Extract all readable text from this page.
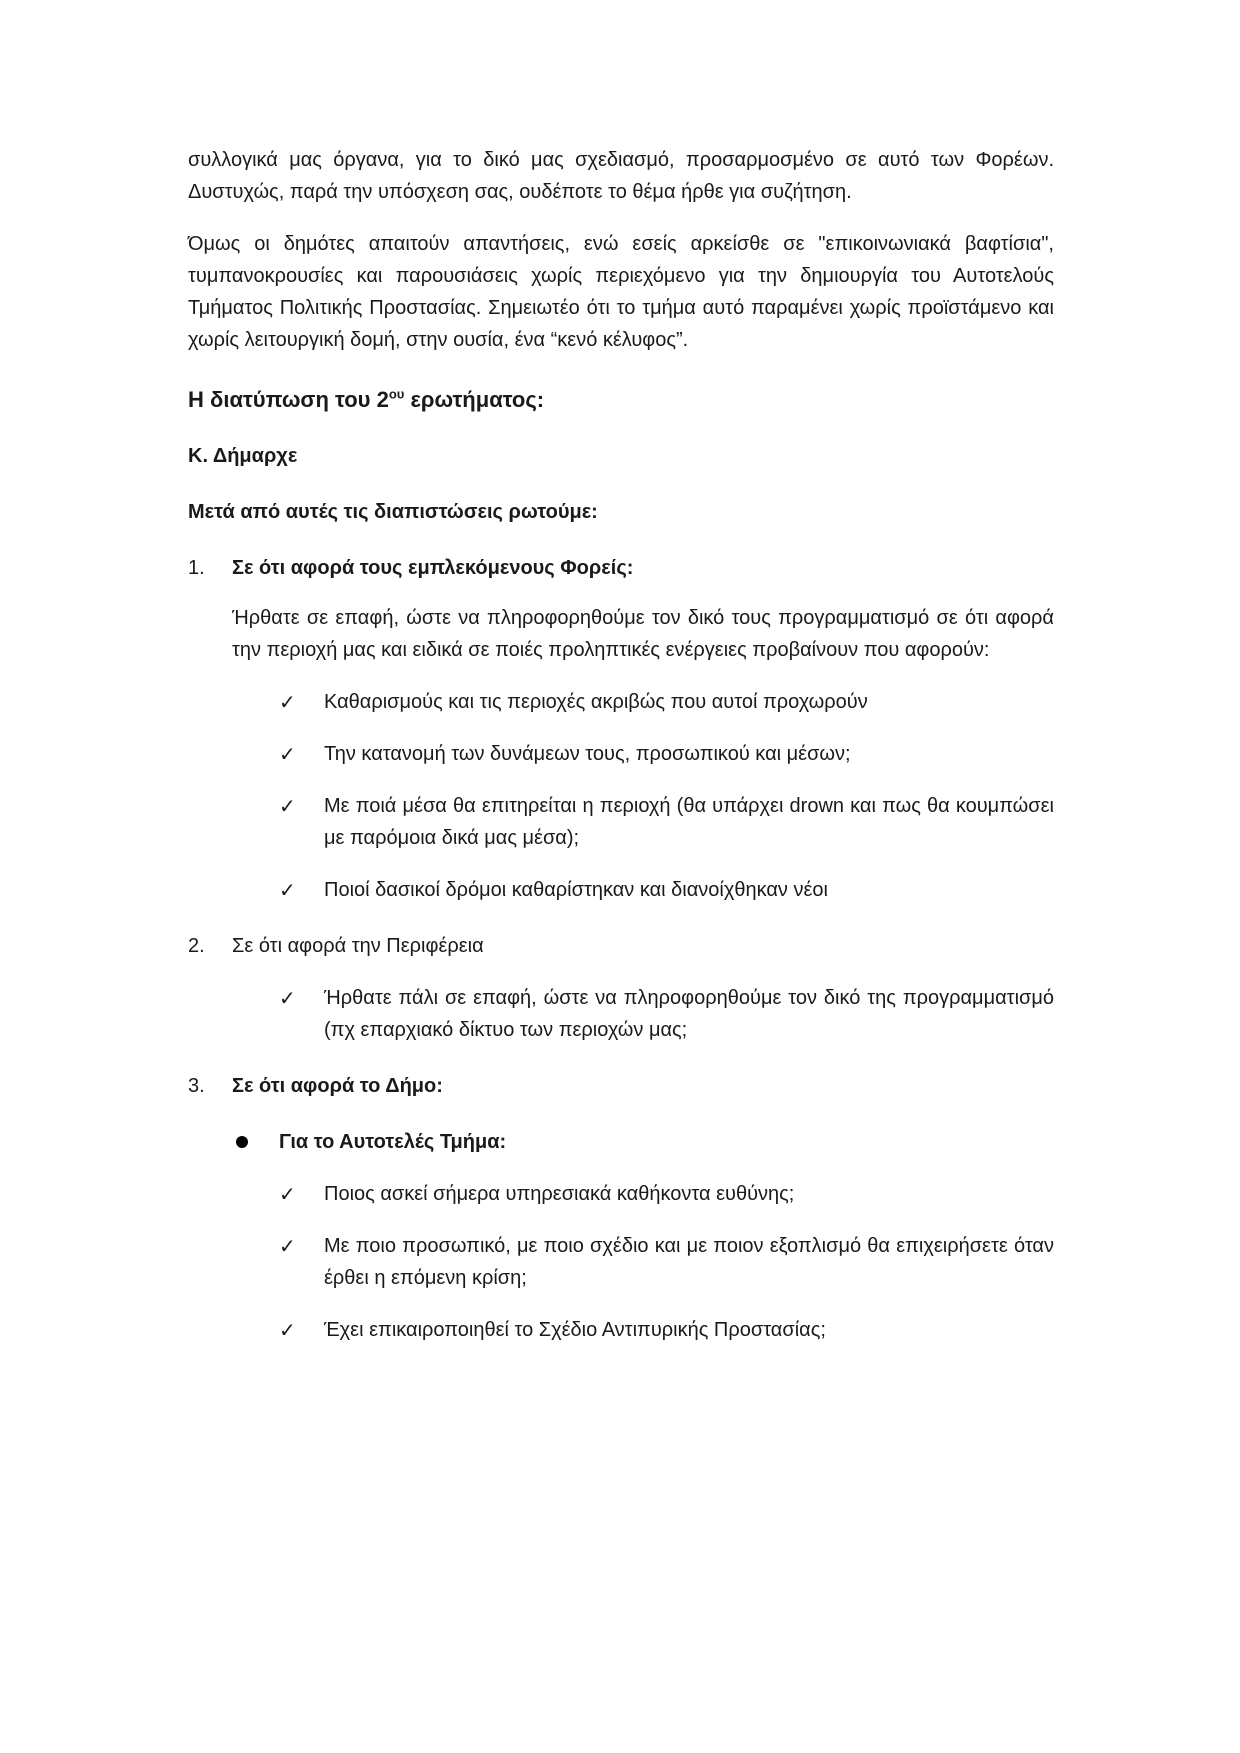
συλλογικά μας όργανα, για το δικό μας σχεδιασμό, προσαρμοσμένο σε αυτό των Φορέων. Δυστυχώς, παρά την υπόσχεση σας, ουδέποτε το θέμα ήρθε για συζήτηση.

Όμως οι δημότες απαιτούν απαντήσεις, ενώ εσείς αρκείσθε σε "επικοινωνιακά βαφτίσια", τυμπανοκρουσίες και παρουσιάσεις χωρίς περιεχόμενο για την δημιουργία του Αυτοτελούς Τμήματος Πολιτικής Προστασίας. Σημειωτέο ότι το τμήμα αυτό παραμένει χωρίς προϊστάμενο και χωρίς λειτουργική δομή, στην ουσία, ένα “κενό κέλυφος”.

Η διατύπωση του $2^{o\upsilon}$ ερωτήματος:
Κ. Δήμαρχε
Μετά από αυτές τις διαπιστώσεις ρωτούμε:
1. Σε ότι αφορά τους εμπλεκόμενους Φορείς:

Ήρθατε σε επαφή, ώστε να πληροφορηθούμε τον δικό τους προγραμματισμό σε ότι αφορά την περιοχή μας και ειδικά σε ποιές προληπτικές ενέργειες προβαίνουν που αφορούν:

✓ Καθαρισμούς και τις περιοχές ακριβώς που αυτοί προχωρούν
✓ Την κατανομή των δυνάμεων τους, προσωπικού και μέσων;
✓ Με ποιά μέσα θα επιτηρείται η περιοχή (θα υπάρχει drown και πως θα κουμπώσει με παρόμοια δικά μας μέσα);
✓ Ποιοί δασικοί δρόμοι καθαρίστηκαν και διανοίχθηκαν νέοι
2. Σε ότι αφορά την Περιφέρεια
✓ Ήρθατε πάλι σε επαφή, ώστε να πληροφορηθούμε τον δικό της προγραμματισμό (πχ επαρχιακό δίκτυο των περιοχών μας;
3. Σε ότι αφορά το Δήμο:
Για το Αυτοτελές Τμήμα:
✓ Ποιος ασκεί σήμερα υπηρεσιακά καθήκοντα ευθύνης;
✓ Με ποιο προσωπικό, με ποιο σχέδιο και με ποιον εξοπλισμό θα επιχειρήσετε όταν έρθει η επόμενη κρίση;
✓ Έχει επικαιροποιηθεί το Σχέδιο Αντιπυρικής Προστασίας;
